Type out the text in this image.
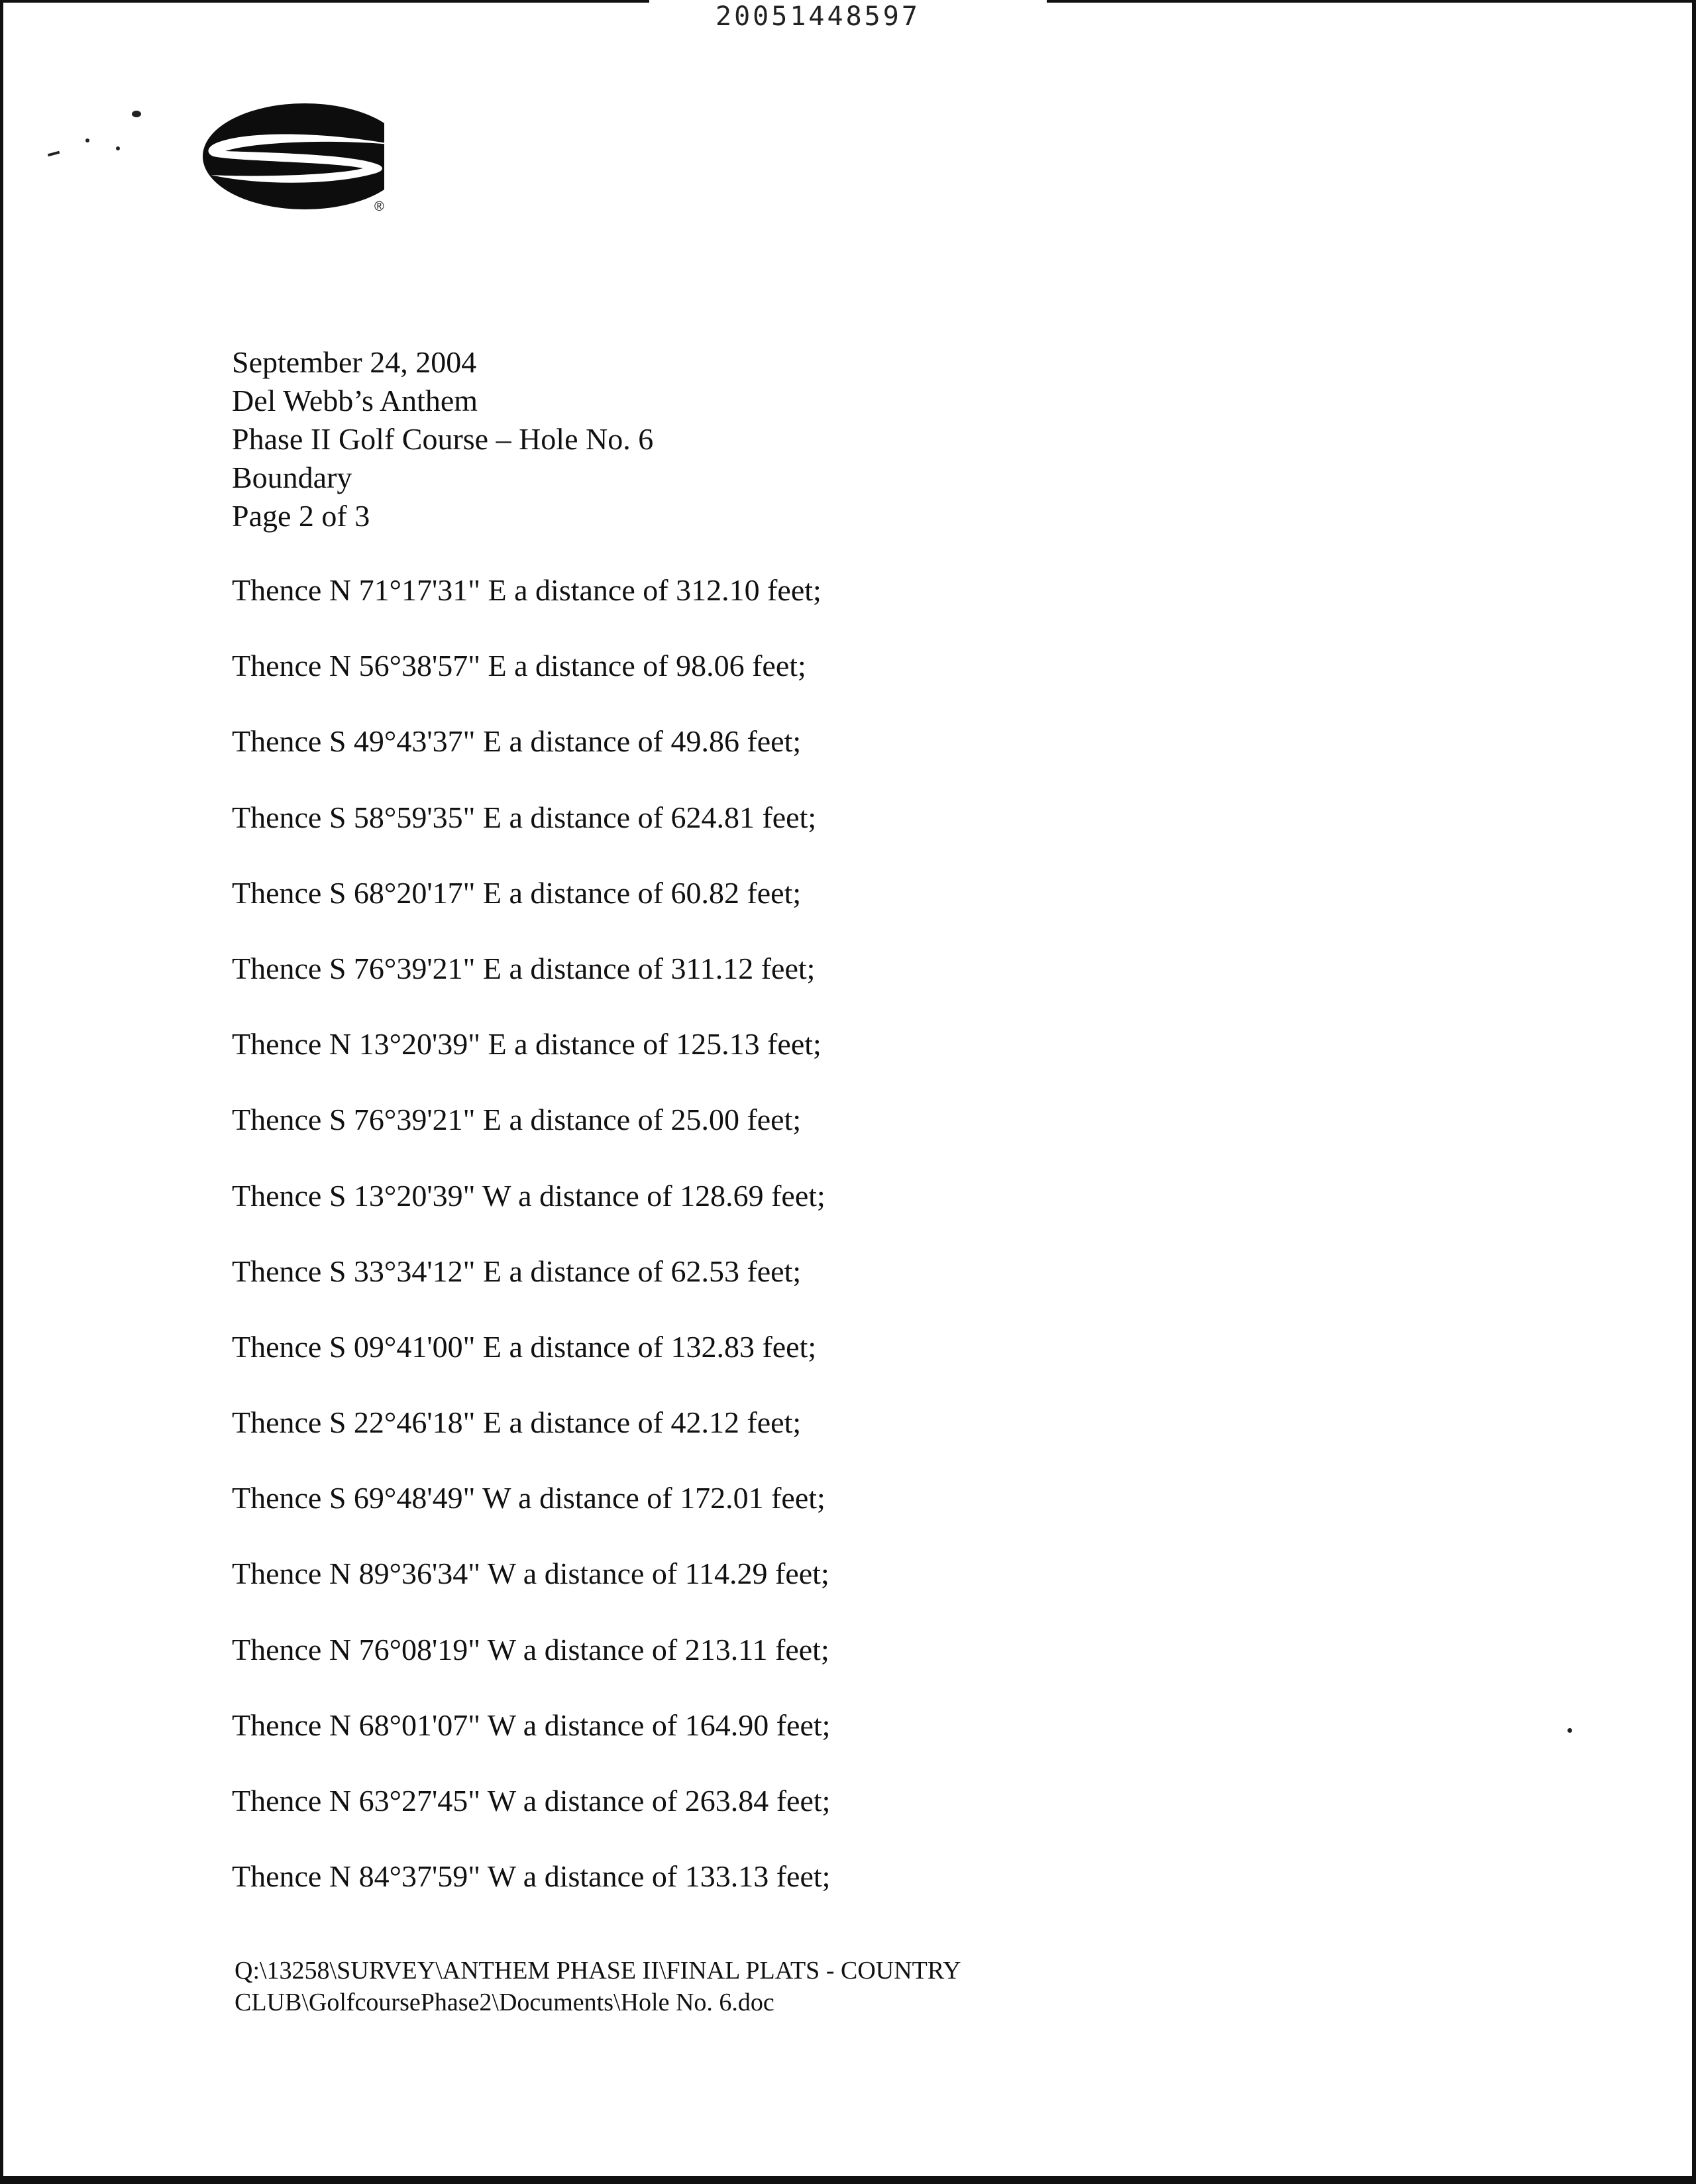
20051448597
®
September 24, 2004
Del Webb’s Anthem
Phase II Golf Course – Hole No. 6
Boundary
Page 2 of 3
Thence N 71°17'31" E a distance of 312.10 feet;
Thence N 56°38'57" E a distance of 98.06 feet;
Thence S 49°43'37" E a distance of 49.86 feet;
Thence S 58°59'35" E a distance of 624.81 feet;
Thence S 68°20'17" E a distance of 60.82 feet;
Thence S 76°39'21" E a distance of 311.12 feet;
Thence N 13°20'39" E a distance of 125.13 feet;
Thence S 76°39'21" E a distance of 25.00 feet;
Thence S 13°20'39" W a distance of 128.69 feet;
Thence S 33°34'12" E a distance of 62.53 feet;
Thence S 09°41'00" E a distance of 132.83 feet;
Thence S 22°46'18" E a distance of 42.12 feet;
Thence S 69°48'49" W a distance of 172.01 feet;
Thence N 89°36'34" W a distance of 114.29 feet;
Thence N 76°08'19" W a distance of 213.11 feet;
Thence N 68°01'07" W a distance of 164.90 feet;
Thence N 63°27'45" W a distance of 263.84 feet;
Thence N 84°37'59" W a distance of 133.13 feet;
Q:\13258\SURVEY\ANTHEM PHASE II\FINAL PLATS - COUNTRY
CLUB\GolfcoursePhase2\Documents\Hole No. 6.doc
